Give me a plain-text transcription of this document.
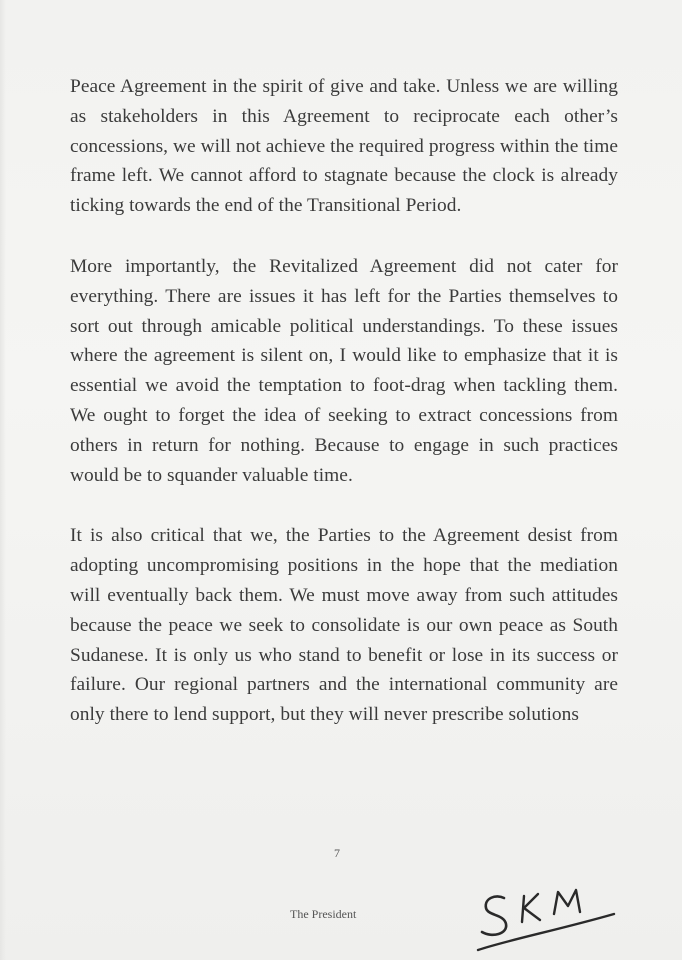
Peace Agreement in the spirit of give and take. Unless we are willing as stakeholders in this Agreement to reciprocate each other’s concessions, we will not achieve the required progress within the time frame left. We cannot afford to stagnate because the clock is already ticking towards the end of the Transitional Period.

More importantly, the Revitalized Agreement did not cater for everything. There are issues it has left for the Parties themselves to sort out through amicable political understandings. To these issues where the agreement is silent on, I would like to emphasize that it is essential we avoid the temptation to foot-drag when tackling them. We ought to forget the idea of seeking to extract concessions from others in return for nothing. Because to engage in such practices would be to squander valuable time.

It is also critical that we, the Parties to the Agreement desist from adopting uncompromising positions in the hope that the mediation will eventually back them. We must move away from such attitudes because the peace we seek to consolidate is our own peace as South Sudanese. It is only us who stand to benefit or lose in its success or failure. Our regional partners and the international community are only there to lend support, but they will never prescribe solutions

7
The President
